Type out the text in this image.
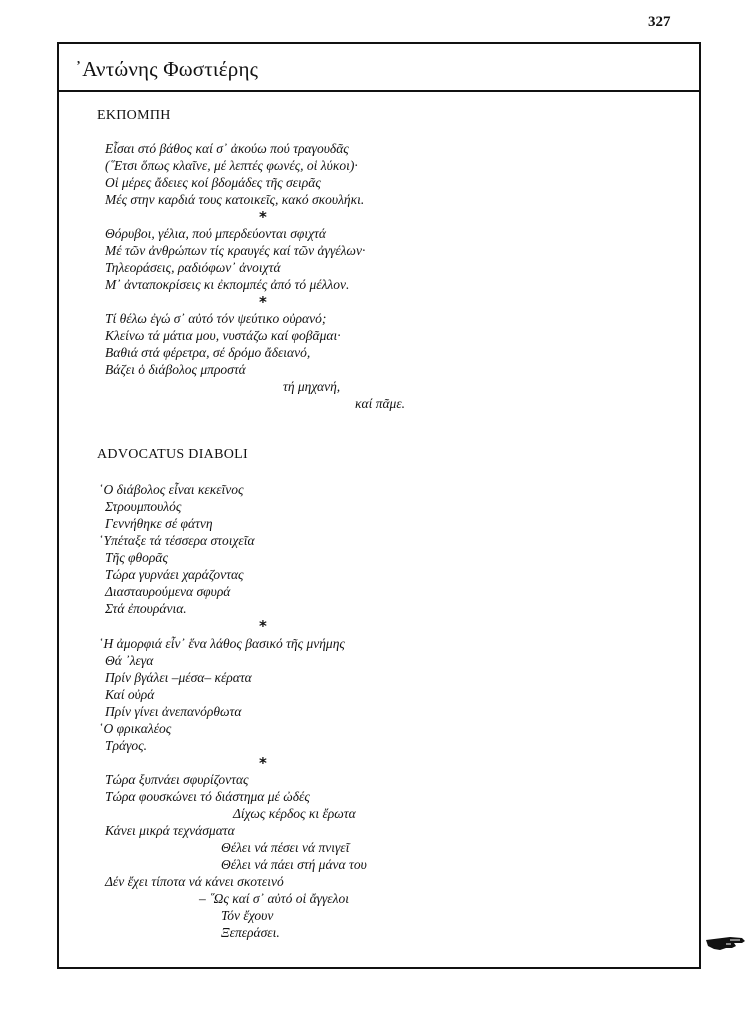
327
᾿Αντώνης Φωστιέρης
ΕΚΠΟΜΠΗ
Εἶσαι στό βάθος καί σ᾿ ἀκούω πού τραγουδᾶς
(῞Ετσι ὅπως κλαῖνε, μέ λεπτές φωνές, οἱ λύκοι)·
Οἱ μέρες ἄδειες κοί βδομάδες τῆς σειρᾶς
Μές στην καρδιά τους κατοικεῖς, κακό σκουλήκι.
*
Θόρυβοι, γέλια, πού μπερδεύονται σφιχτά
Μέ τῶν ἀνθρώπων τίς κραυγές καί τῶν ἀγγέλων·
Τηλεοράσεις, ραδιόφων᾿ ἀνοιχτά
Μ᾿ ἀνταποκρίσεις κι ἐκπομπές ἀπό τό μέλλον.
*
Τί θέλω ἐγώ σ᾿ αὐτό τόν ψεύτικο οὐρανό;
Κλείνω τά μάτια μου, νυστάζω καί φοβᾶμαι·
Βαθιά στά φέρετρα, σέ δρόμο ἄδειανό,
Βάζει ὁ διάβολος μπροστά
τή μηχανή,
καί πᾶμε.
ADVOCATUS DIABOLI
῾Ο διάβολος εἶναι κεκεῖνος
Στρουμπουλός
Γεννήθηκε σέ φάτνη
῾Υπέταξε τά τέσσερα στοιχεῖα
Τῆς φθορᾶς
Τώρα γυρνάει χαράζοντας
Διασταυρούμενα σφυρά
Στά ἐπουράνια.
*
῾Η ἀμορφιά εἶν᾿ ἕνα λάθος βασικό τῆς μνήμης
Θά ᾿λεγα
Πρίν βγάλει –μέσα– κέρατα
Καί οὐρά
Πρίν γίνει ἀνεπανόρθωτα
῾Ο φρικαλέος
Τράγος.
*
Τώρα ξυπνάει σφυρίζοντας
Τώρα φουσκώνει τό διάστημα μέ ὠδές
Δίχως κέρδος κι ἔρωτα
Κάνει μικρά τεχνάσματα
Θέλει νά πέσει νά πνιγεῖ
Θέλει νά πάει στή μάνα του
Δέν ἔχει τίποτα νά κάνει σκοτεινό
– ῞Ως καί σ᾿ αὐτό οἱ ἄγγελοι
Τόν ἔχουν
Ξεπεράσει.
